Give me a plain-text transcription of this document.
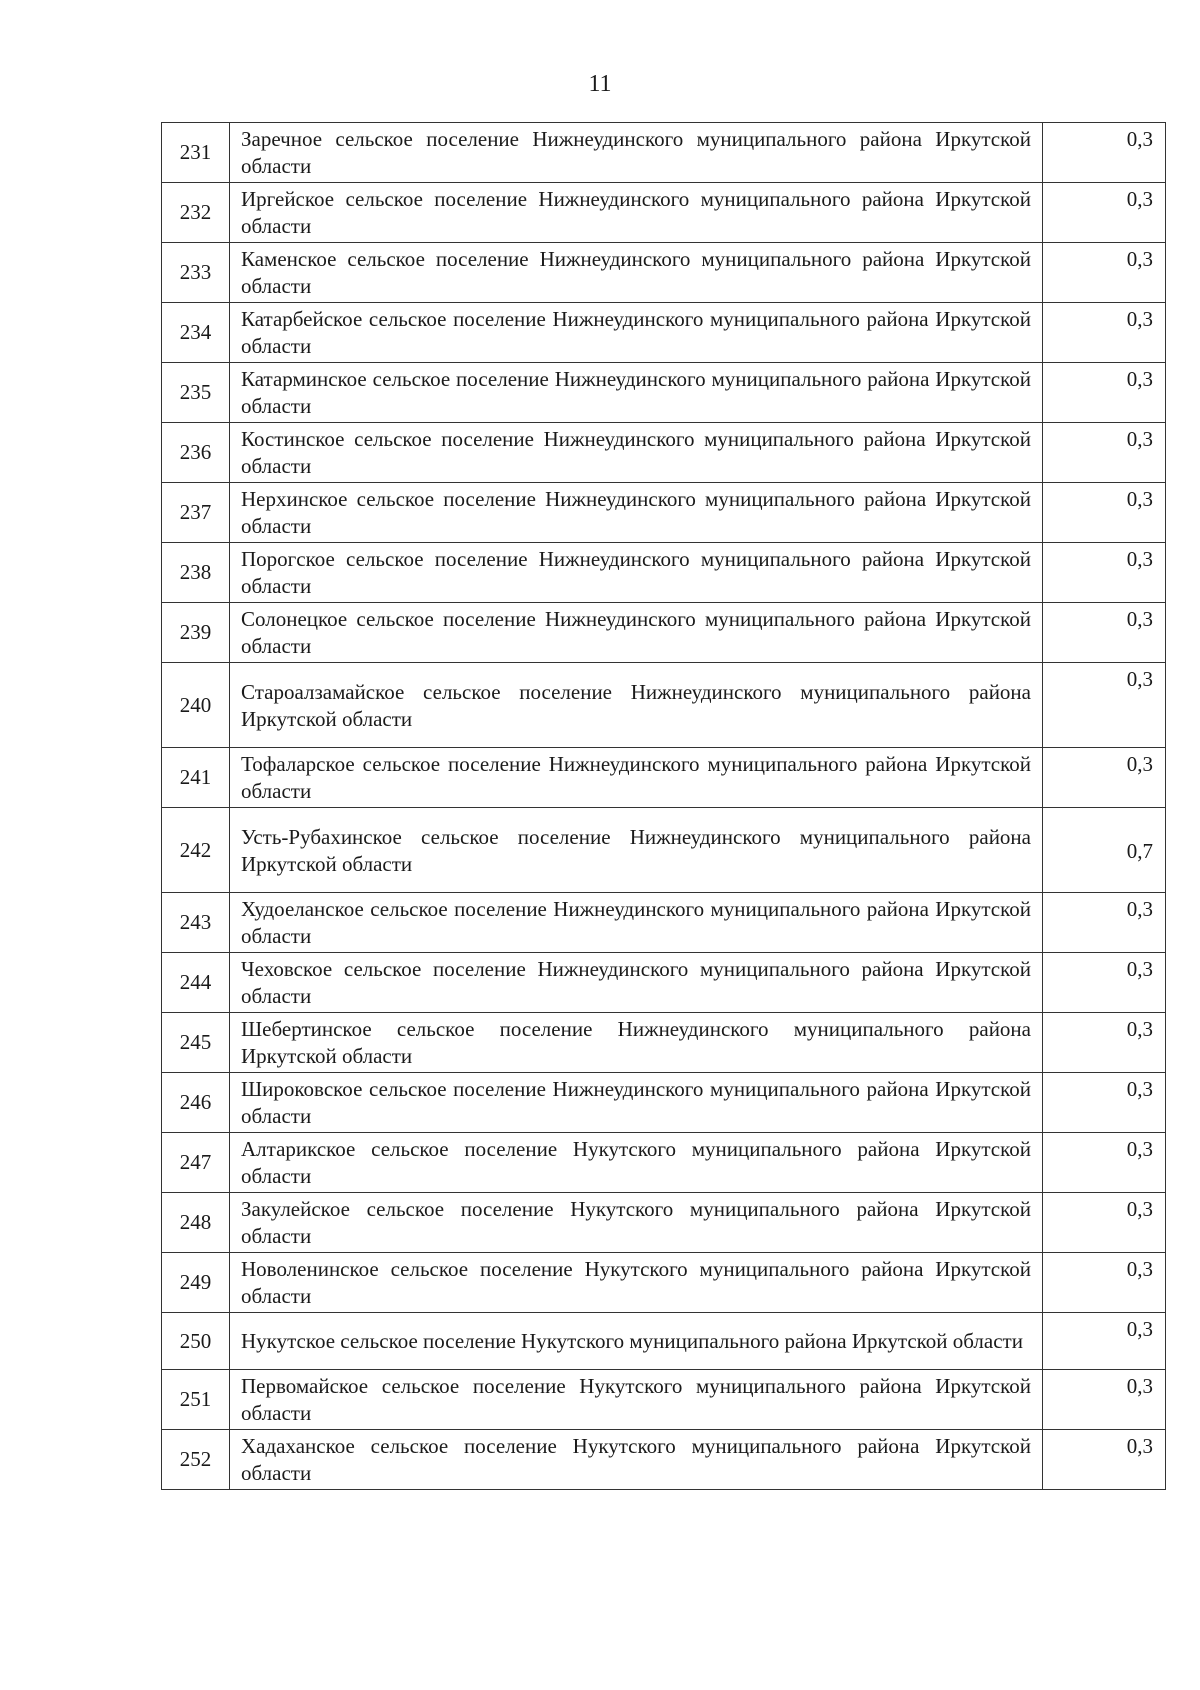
11
231	Заречное сельское поселение Нижнеудинского муниципального района Иркутской области	0,3
232	Иргейское сельское поселение Нижнеудинского муниципального района Иркутской области	0,3
233	Каменское сельское поселение Нижнеудинского муниципального района Иркутской области	0,3
234	Катарбейское сельское поселение Нижнеудинского муниципального района Иркутской области	0,3
235	Катарминское сельское поселение Нижнеудинского муниципального района Иркутской области	0,3
236	Костинское сельское поселение Нижнеудинского муниципального района Иркутской области	0,3
237	Нерхинское сельское поселение Нижнеудинского муниципального района Иркутской области	0,3
238	Порогское сельское поселение Нижнеудинского муниципального района Иркутской области	0,3
239	Солонецкое сельское поселение Нижнеудинского муниципального района Иркутской области	0,3
240	Староалзамайское сельское поселение Нижнеудинского муниципального района Иркутской области	0,3
241	Тофаларское сельское поселение Нижнеудинского муниципального района Иркутской области	0,3
242	Усть-Рубахинское сельское поселение Нижнеудинского муниципального района Иркутской области	0,7
243	Худоеланское сельское поселение Нижнеудинского муниципального района Иркутской области	0,3
244	Чеховское сельское поселение Нижнеудинского муниципального района Иркутской области	0,3
245	Шебертинское сельское поселение Нижнеудинского муниципального района Иркутской области	0,3
246	Широковское сельское поселение Нижнеудинского муниципального района Иркутской области	0,3
247	Алтарикское сельское поселение Нукутского муниципального района Иркутской области	0,3
248	Закулейское сельское поселение Нукутского муниципального района Иркутской области	0,3
249	Новоленинское сельское поселение Нукутского муниципального района Иркутской области	0,3
250	Нукутское сельское поселение Нукутского муниципального района Иркутской области	0,3
251	Первомайское сельское поселение Нукутского муниципального района Иркутской области	0,3
252	Хадаханское сельское поселение Нукутского муниципального района Иркутской области	0,3
